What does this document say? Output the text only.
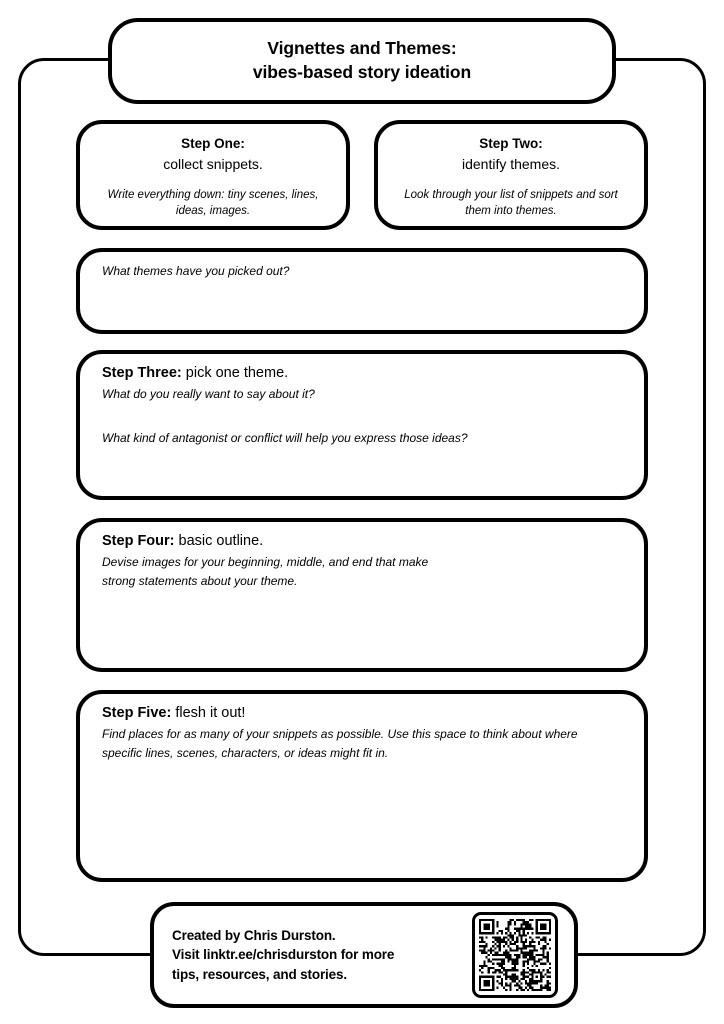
Vignettes and Themes:
vibes-based story ideation
Step One:
collect snippets.
Write everything down: tiny scenes, lines, ideas, images.
Step Two:
identify themes.
Look through your list of snippets and sort them into themes.
What themes have you picked out?
Step Three: pick one theme.
What do you really want to say about it?
What kind of antagonist or conflict will help you express those ideas?
Step Four: basic outline.
Devise images for your beginning, middle, and end that make
strong statements about your theme.
Step Five: flesh it out!
Find places for as many of your snippets as possible. Use this space to think about where
specific lines, scenes, characters, or ideas might fit in.
Created by Chris Durston.
Visit linktr.ee/chrisdurston for more
tips, resources, and stories.
